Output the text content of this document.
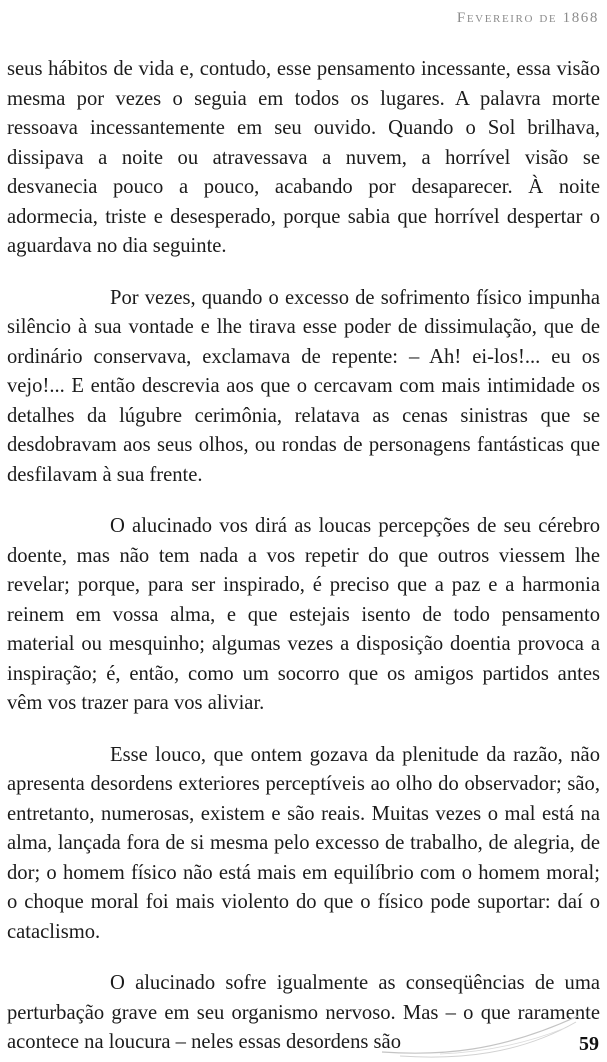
Fevereiro de 1868

seus hábitos de vida e, contudo, esse pensamento incessante, essa visão mesma por vezes o seguia em todos os lugares. A palavra morte ressoava incessantemente em seu ouvido. Quando o Sol brilhava, dissipava a noite ou atravessava a nuvem, a horrível visão se desvanecia pouco a pouco, acabando por desaparecer. À noite adormecia, triste e desesperado, porque sabia que horrível despertar o aguardava no dia seguinte.

Por vezes, quando o excesso de sofrimento físico impunha silêncio à sua vontade e lhe tirava esse poder de dissimulação, que de ordinário conservava, exclamava de repente: – Ah! ei-los!... eu os vejo!... E então descrevia aos que o cercavam com mais intimidade os detalhes da lúgubre cerimônia, relatava as cenas sinistras que se desdobravam aos seus olhos, ou rondas de personagens fantásticas que desfilavam à sua frente.

O alucinado vos dirá as loucas percepções de seu cérebro doente, mas não tem nada a vos repetir do que outros viessem lhe revelar; porque, para ser inspirado, é preciso que a paz e a harmonia reinem em vossa alma, e que estejais isento de todo pensamento material ou mesquinho; algumas vezes a disposição doentia provoca a inspiração; é, então, como um socorro que os amigos partidos antes vêm vos trazer para vos aliviar.

Esse louco, que ontem gozava da plenitude da razão, não apresenta desordens exteriores perceptíveis ao olho do observador; são, entretanto, numerosas, existem e são reais. Muitas vezes o mal está na alma, lançada fora de si mesma pelo excesso de trabalho, de alegria, de dor; o homem físico não está mais em equilíbrio com o homem moral; o choque moral foi mais violento do que o físico pode suportar: daí o cataclismo.

O alucinado sofre igualmente as conseqüências de uma perturbação grave em seu organismo nervoso. Mas – o que raramente acontece na loucura – neles essas desordens são	59
